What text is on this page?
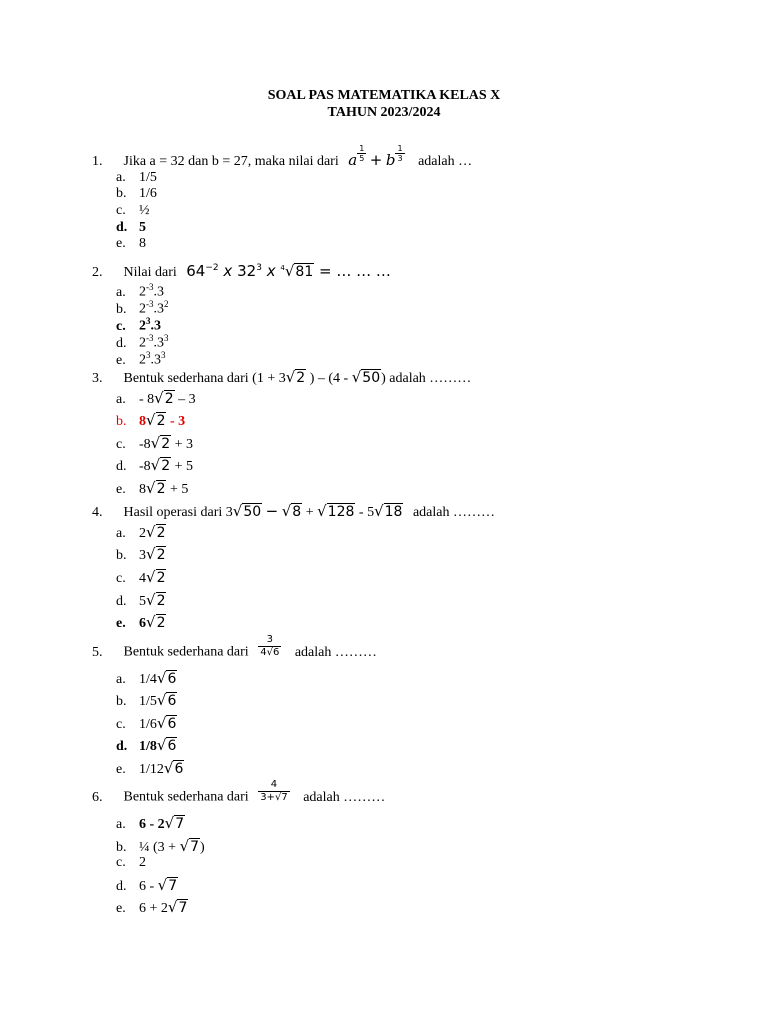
SOAL PAS MATEMATIKA KELAS X
TAHUN 2023/2024
1. Jika a = 32 dan b = 27, maka nilai dari a $\frac{1}{5} + b \frac{1}{3}$ adalah …
a. 1/5
b. 1/6
c. ½
d. 5
e. 8
2. Nilai dari $64^{-2}$ x $32^3$ x $^4$√81 = … … …
a. $2^{-3}.3$
b. $2^{-3}.3^2$
c. $2^3.3$
d. $2^{-3}.3^3$
e. $2^3.3^3$
3. Bentuk sederhana dari (1 + 3√2 ) – (4 - √50) adalah ………
a. - 8√2 – 3
b. 8√2 - 3
c. -8√2 + 3
d. -8√2 + 5
e. 8√2 + 5
4. Hasil operasi dari 3√50 − √8 + √128 - 5√18 adalah ………
a. 2√2
b. 3√2
c. 4√2
d. 5√2
e. 6√2
5. Bentuk sederhana dari $\frac{3}{4√6}$ adalah ………
a. 1/4√6
b. 1/5√6
c. 1/6√6
d. 1/8√6
e. 1/12√6
6. Bentuk sederhana dari $\frac{4}{3+√7}$ adalah ………
a. 6 - 2√7
b. ¼ (3 + √7)
c. 2
d. 6 - √7
e. 6 + 2√7
